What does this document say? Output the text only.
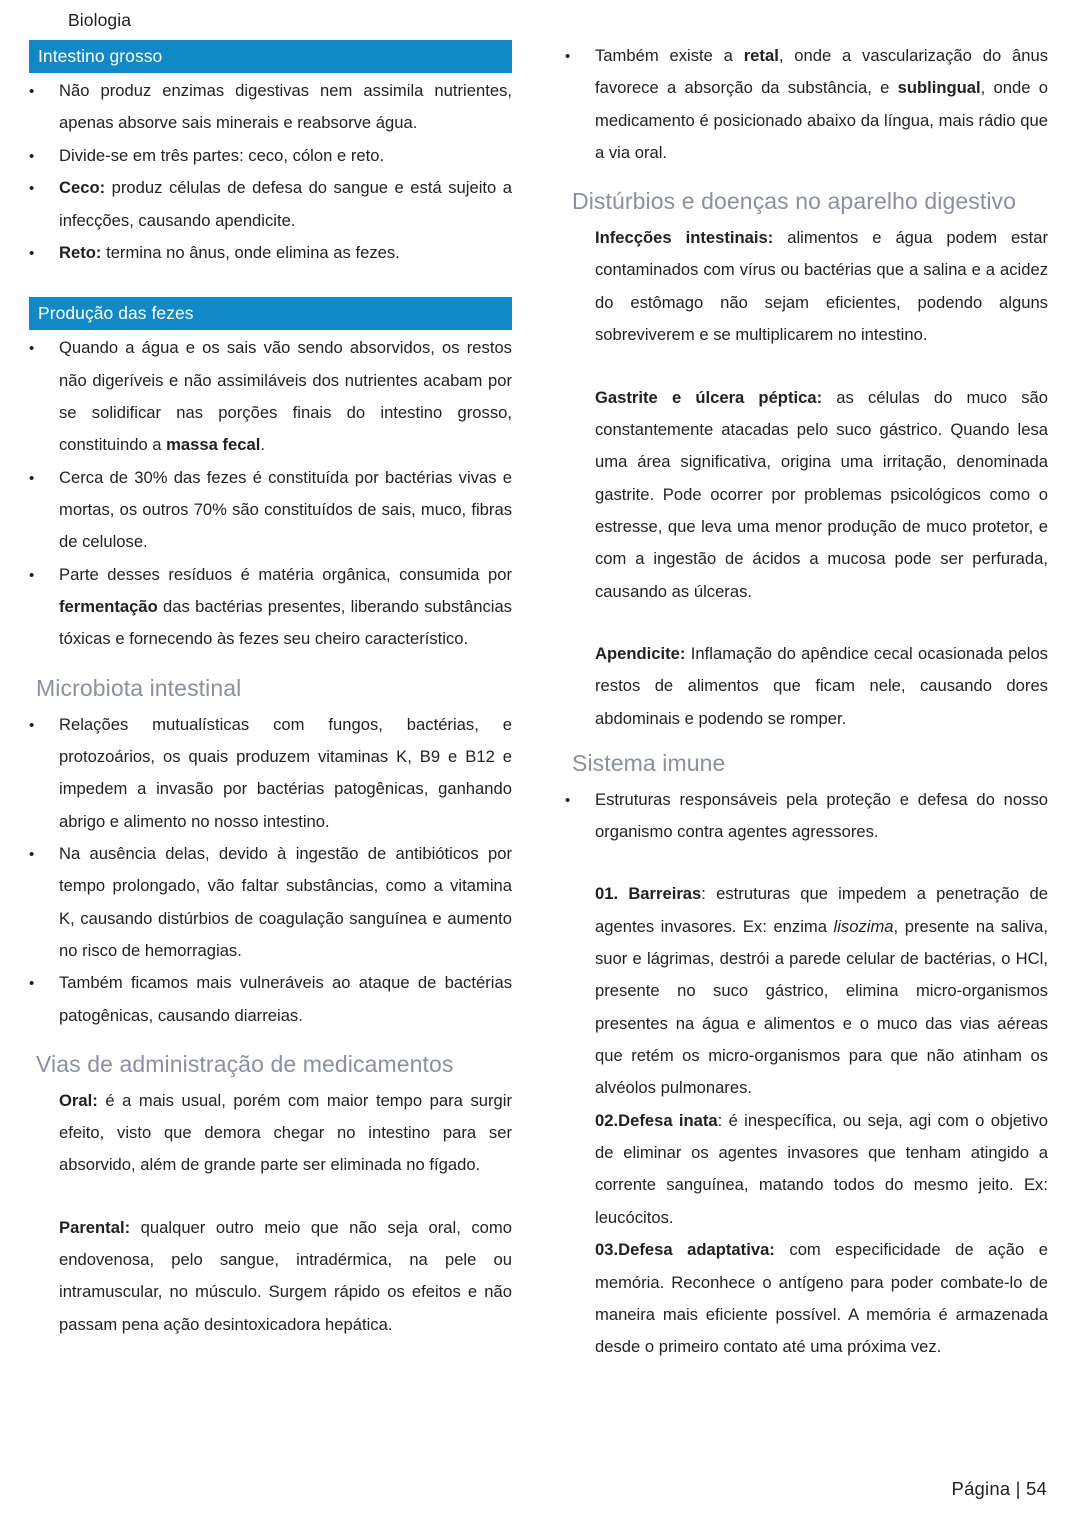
Biologia
Intestino grosso

• Não produz enzimas digestivas nem assimila nutrientes, apenas absorve sais minerais e reabsorve água.

• Divide-se em três partes: ceco, cólon e reto.

• Ceco: produz células de defesa do sangue e está sujeito a infecções, causando apendicite.

• Reto: termina no ânus, onde elimina as fezes.

Produção das fezes

• Quando a água e os sais vão sendo absorvidos, os restos não digeríveis e não assimiláveis dos nutrientes acabam por se solidificar nas porções finais do intestino grosso, constituindo a massa fecal.

• Cerca de 30% das fezes é constituída por bactérias vivas e mortas, os outros 70% são constituídos de sais, muco, fibras de celulose.

• Parte desses resíduos é matéria orgânica, consumida por fermentação das bactérias presentes, liberando substâncias tóxicas e fornecendo às fezes seu cheiro característico.

Microbiota intestinal

• Relações mutualísticas com fungos, bactérias, e protozoários, os quais produzem vitaminas K, B9 e B12 e impedem a invasão por bactérias patogênicas, ganhando abrigo e alimento no nosso intestino.

• Na ausência delas, devido à ingestão de antibióticos por tempo prolongado, vão faltar substâncias, como a vitamina K, causando distúrbios de coagulação sanguínea e aumento no risco de hemorragias.

• Também ficamos mais vulneráveis ao ataque de bactérias patogênicas, causando diarreias.

Vias de administração de medicamentos

Oral: é a mais usual, porém com maior tempo para surgir efeito, visto que demora chegar no intestino para ser absorvido, além de grande parte ser eliminada no fígado.

Parental: qualquer outro meio que não seja oral, como endovenosa, pelo sangue, intradérmica, na pele ou intramuscular, no músculo. Surgem rápido os efeitos e não passam pena ação desintoxicadora hepática.

• Também existe a retal, onde a vascularização do ânus favorece a absorção da substância, e sublingual, onde o medicamento é posicionado abaixo da língua, mais rádio que a via oral.

Distúrbios e doenças no aparelho digestivo

Infecções intestinais: alimentos e água podem estar contaminados com vírus ou bactérias que a salina e a acidez do estômago não sejam eficientes, podendo alguns sobreviverem e se multiplicarem no intestino.

Gastrite e úlcera péptica: as células do muco são constantemente atacadas pelo suco gástrico. Quando lesa uma área significativa, origina uma irritação, denominada gastrite. Pode ocorrer por problemas psicológicos como o estresse, que leva uma menor produção de muco protetor, e com a ingestão de ácidos a mucosa pode ser perfurada, causando as úlceras.

Apendicite: Inflamação do apêndice cecal ocasionada pelos restos de alimentos que ficam nele, causando dores abdominais e podendo se romper.

Sistema imune

• Estruturas responsáveis pela proteção e defesa do nosso organismo contra agentes agressores.

01. Barreiras: estruturas que impedem a penetração de agentes invasores. Ex: enzima lisozima, presente na saliva, suor e lágrimas, destrói a parede celular de bactérias, o HCl, presente no suco gástrico, elimina micro-organismos presentes na água e alimentos e o muco das vias aéreas que retém os micro-organismos para que não atinham os alvéolos pulmonares.

02.Defesa inata: é inespecífica, ou seja, agi com o objetivo de eliminar os agentes invasores que tenham atingido a corrente sanguínea, matando todos do mesmo jeito. Ex: leucócitos.

03.Defesa adaptativa: com especificidade de ação e memória. Reconhece o antígeno para poder combate-lo de maneira mais eficiente possível. A memória é armazenada desde o primeiro contato até uma próxima vez.

Página | 54
